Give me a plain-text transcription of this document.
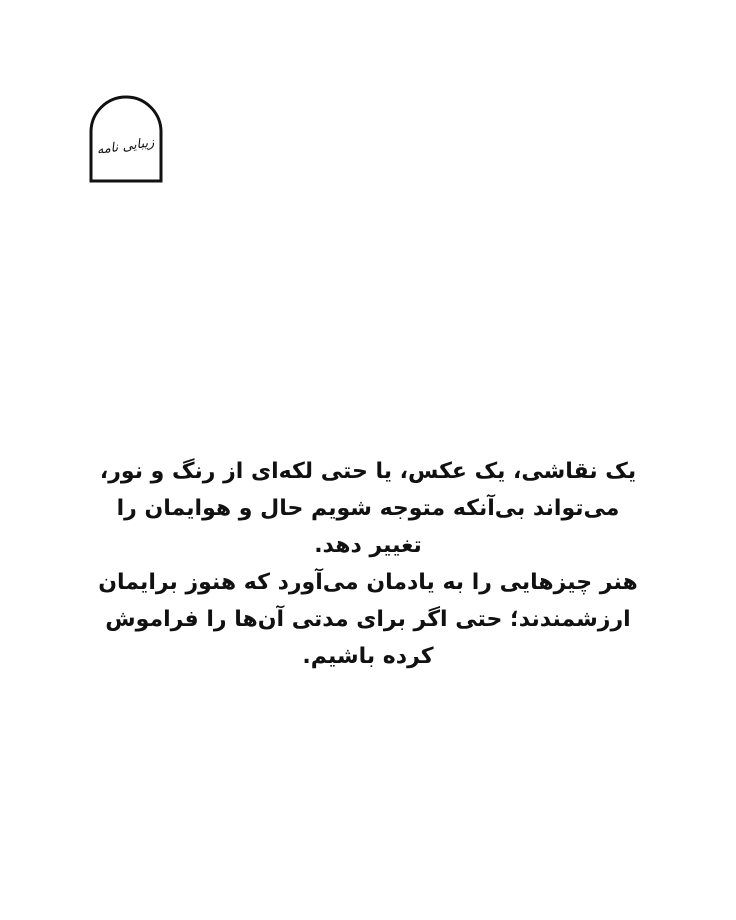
زیبایی نامه

یک نقاشی، یک عکس، یا حتی لکه‌ای از رنگ و نور، می‌تواند بی‌آنکه متوجه شویم حال و هوایمان را تغییر دهد.

هنر چیزهایی را به یادمان می‌آورد که هنوز برایمان ارزشمندند؛ حتی اگر برای مدتی آن‌ها را فراموش کرده باشیم.
